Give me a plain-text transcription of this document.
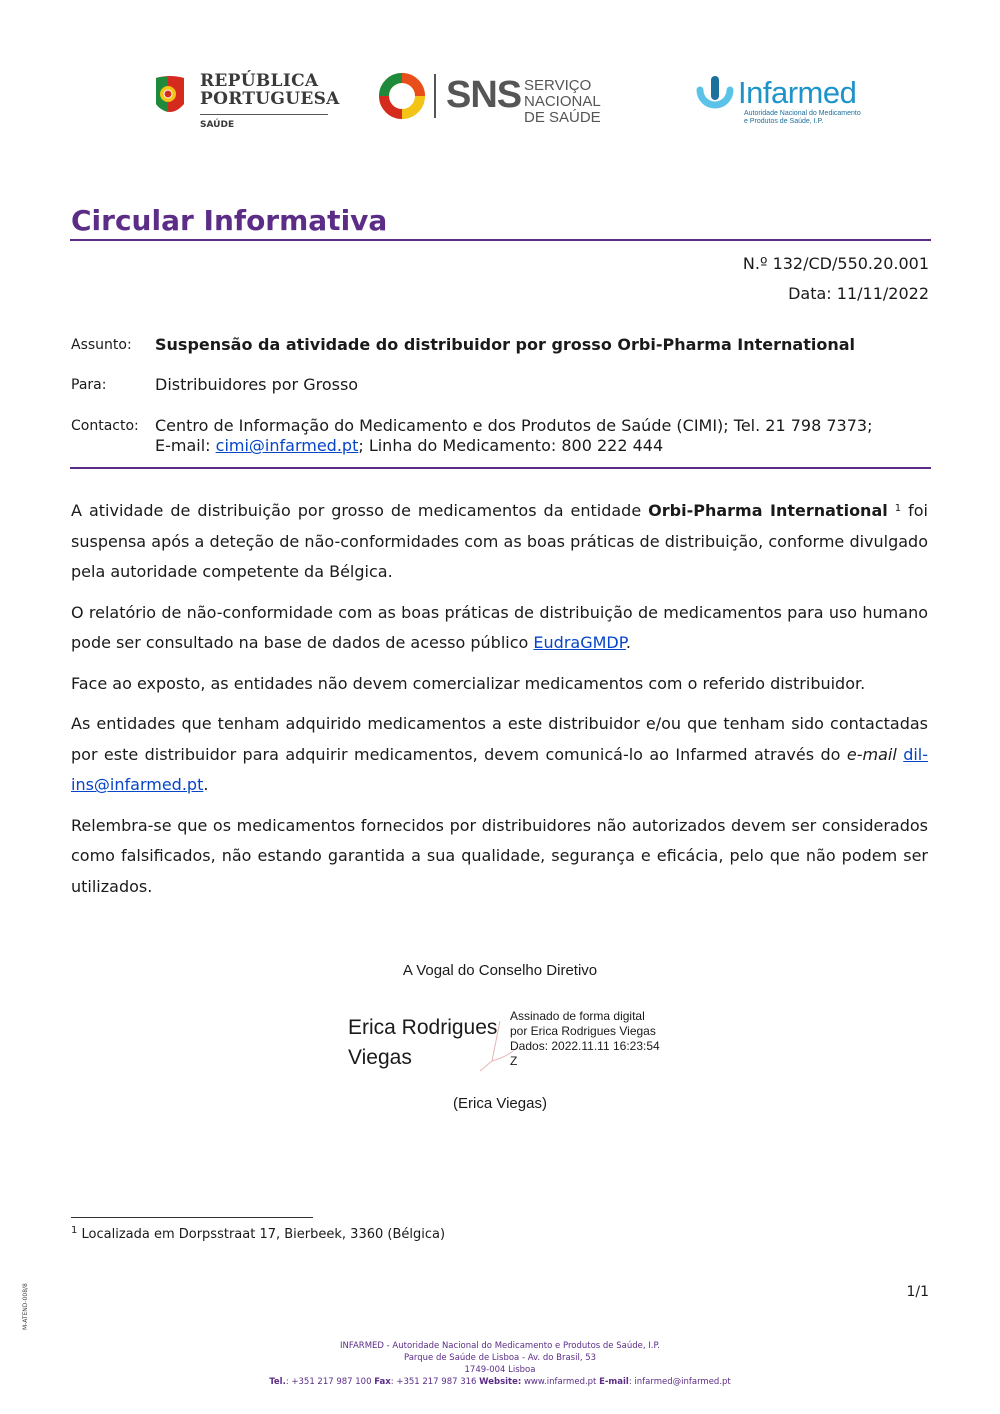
REPÚBLICA
PORTUGUESA
SAÚDE
SNS SERVIÇO NACIONAL
DE SAÚDE
Infarmed
Autoridade Nacional do Medicamento
e Produtos de Saúde, I.P.
Circular Informativa
N.º 132/CD/550.20.001
Data: 11/11/2022
Assunto: Suspensão da atividade do distribuidor por grosso Orbi-Pharma International
Para:	Distribuidores por Grosso
Contacto: Centro de Informação do Medicamento e dos Produtos de Saúde (CIMI); Tel. 21 798 7373;
E-mail: cimi@infarmed.pt; Linha do Medicamento: 800 222 444

A atividade de distribuição por grosso de medicamentos da entidade Orbi-Pharma International $^1$ foi suspensa após a deteção de não-conformidades com as boas práticas de distribuição, conforme divulgado pela autoridade competente da Bélgica.

O relatório de não-conformidade com as boas práticas de distribuição de medicamentos para uso humano pode ser consultado na base de dados de acesso público EudraGMDP.

Face ao exposto, as entidades não devem comercializar medicamentos com o referido distribuidor.

As entidades que tenham adquirido medicamentos a este distribuidor e/ou que tenham sido contactadas por este distribuidor para adquirir medicamentos, devem comunicá-lo ao Infarmed através do e-mail dil-ins@infarmed.pt.

Relembra-se que os medicamentos fornecidos por distribuidores não autorizados devem ser considerados como falsificados, não estando garantida a sua qualidade, segurança e eficácia, pelo que não podem ser utilizados.

A Vogal do Conselho Diretivo
Erica Rodrigues
Viegas
Assinado de forma digital
por Erica Rodrigues Viegas
Dados: 2022.11.11 16:23:54
Z
(Erica Viegas)
$^1$ Localizada em Dorpsstraat 17, Bierbeek, 3360 (Bélgica)
1/1
INFARMED - Autoridade Nacional do Medicamento e Produtos de Saúde, I.P.
Parque de Saúde de Lisboa - Av. do Brasil, 53
1749-004 Lisboa
Tel.: +351 217 987 100 Fax: +351 217 987 316 Website: www.infarmed.pt E-mail: infarmed@infarmed.pt
M-ATEND-008/8
